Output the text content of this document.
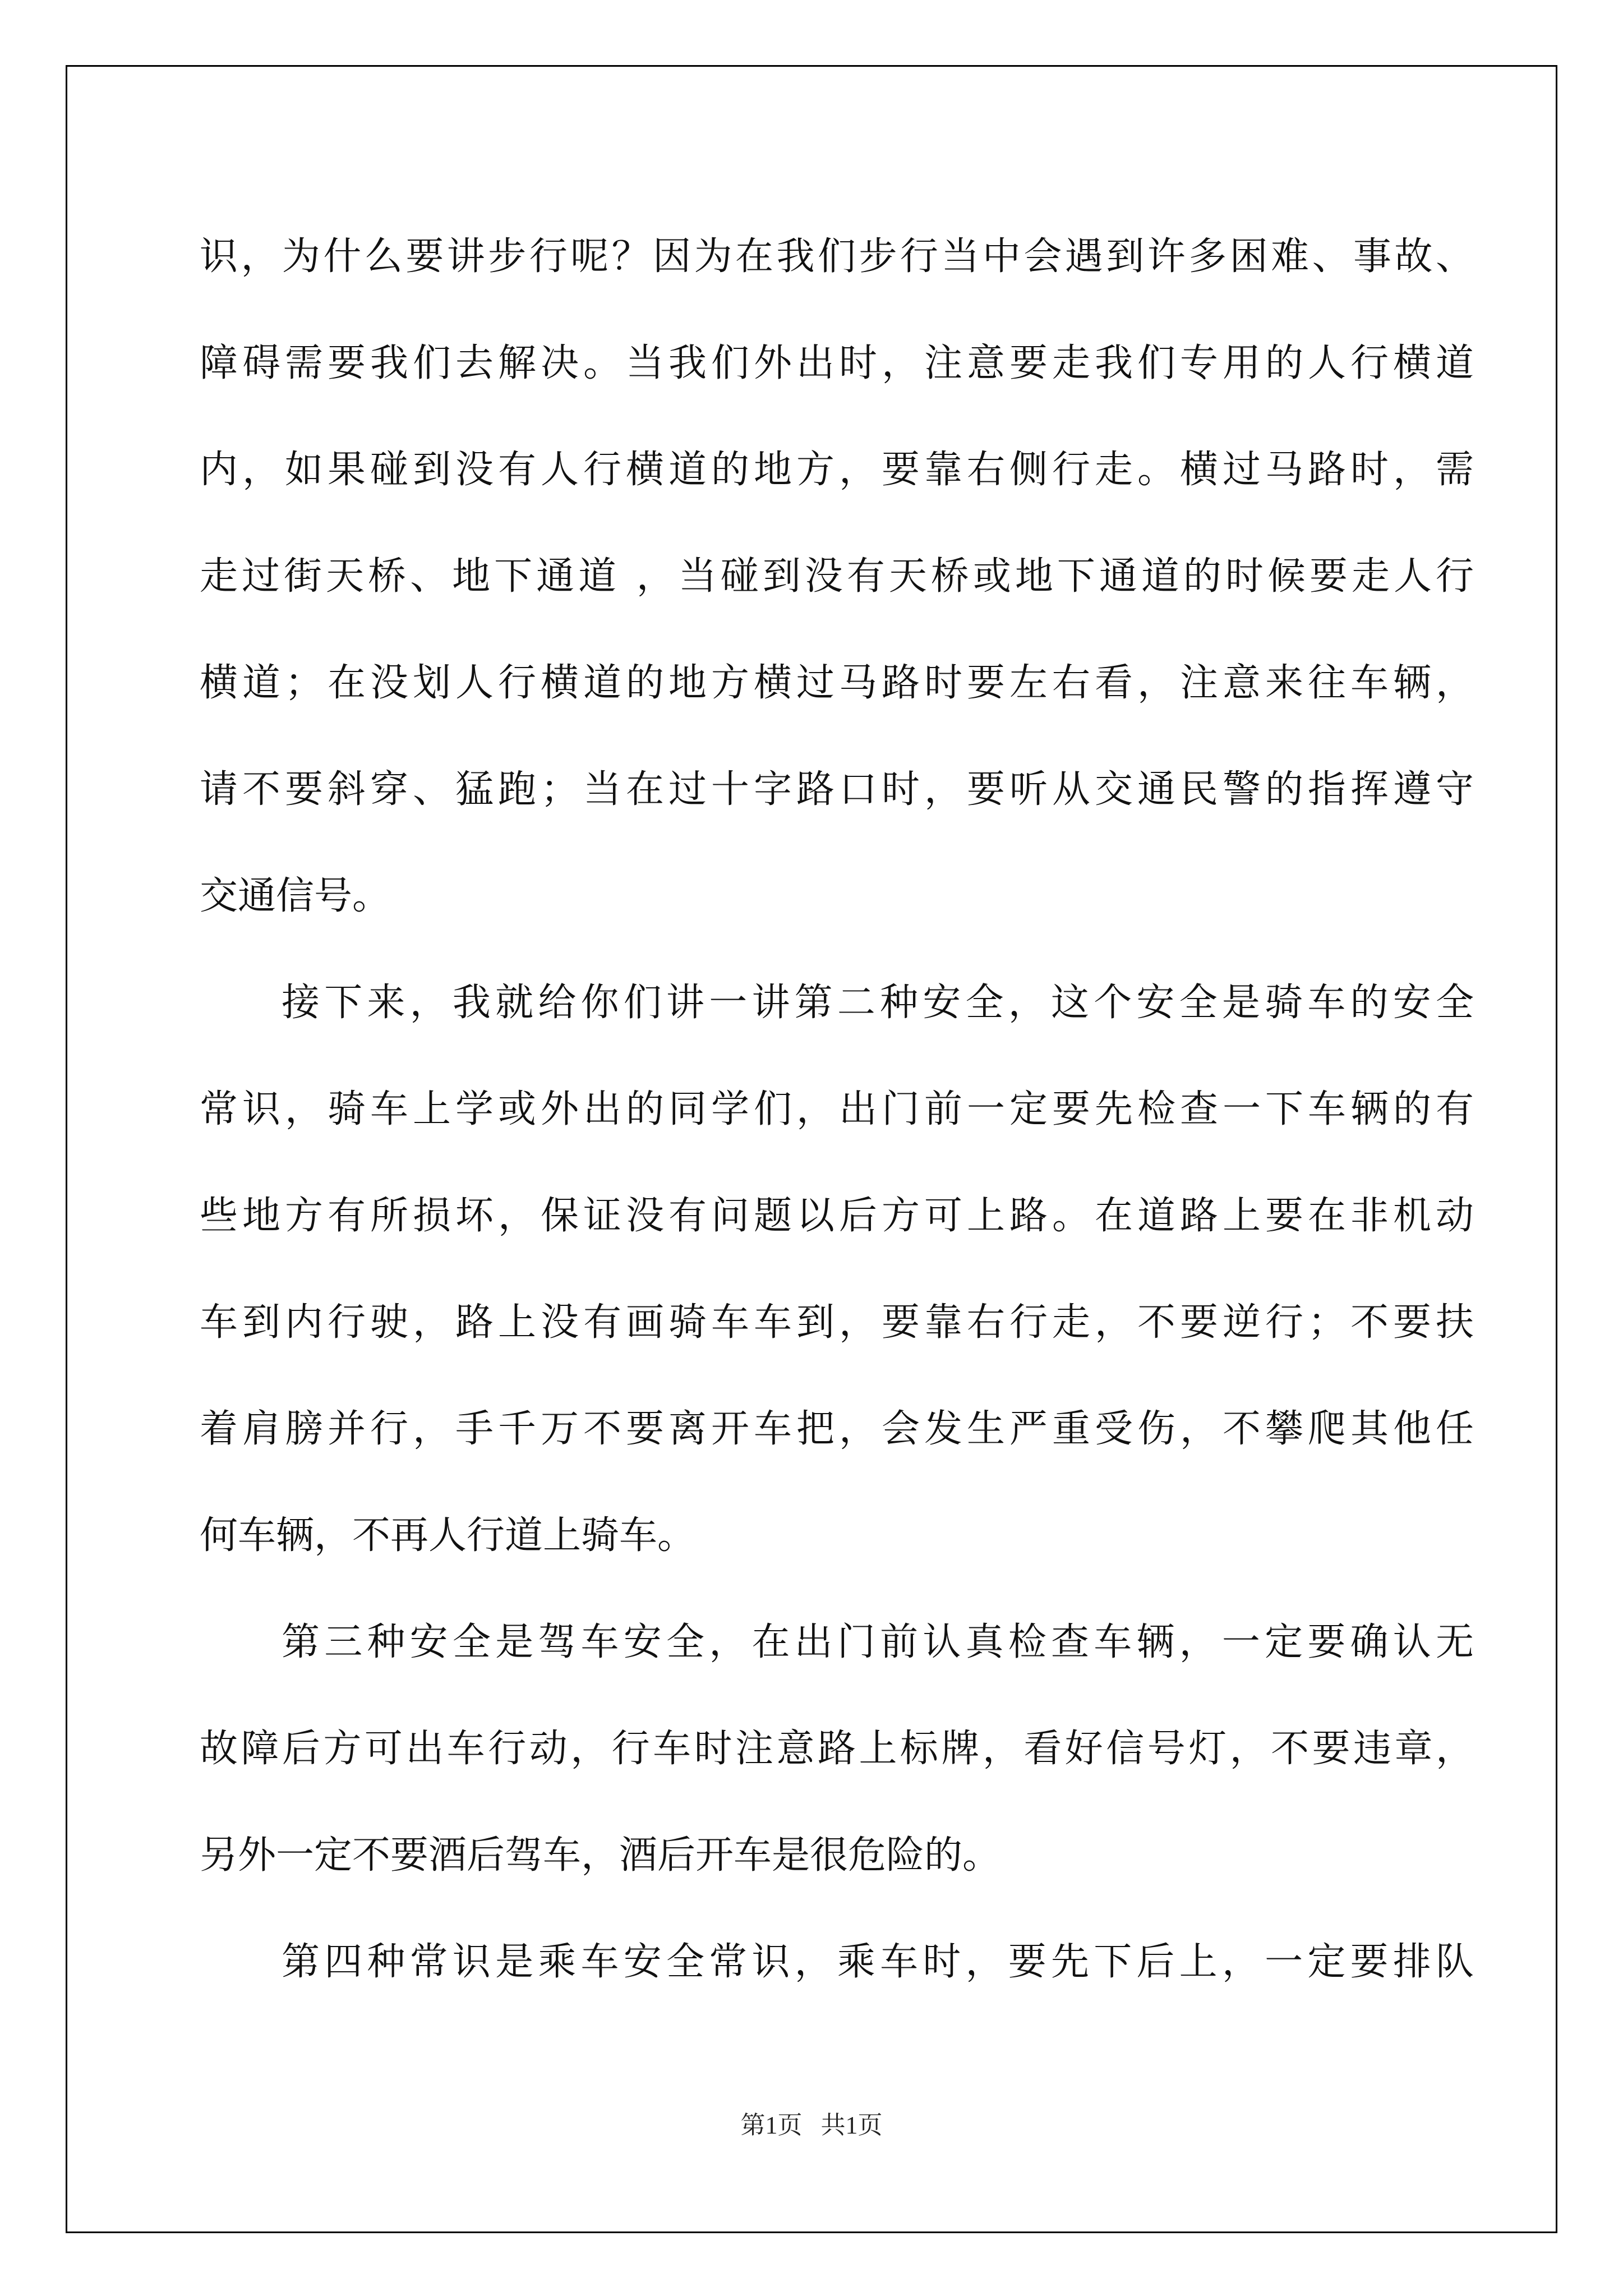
识，为什么要讲步行呢？因为在我们步行当中会遇到许多困难、事故、
障碍需要我们去解决。当我们外出时，注意要走我们专用的人行横道
内，如果碰到没有人行横道的地方，要靠右侧行走。横过马路时，需
走过街天桥、地下通道 ，当碰到没有天桥或地下通道的时候要走人行
横道；在没划人行横道的地方横过马路时要左右看，注意来往车辆，
请不要斜穿、猛跑；当在过十字路口时，要听从交通民警的指挥遵守
交通信号。
接下来，我就给你们讲一讲第二种安全，这个安全是骑车的安全
常识，骑车上学或外出的同学们，出门前一定要先检查一下车辆的有
些地方有所损坏，保证没有问题以后方可上路。在道路上要在非机动
车到内行驶，路上没有画骑车车到，要靠右行走，不要逆行；不要扶
着肩膀并行，手千万不要离开车把，会发生严重受伤，不攀爬其他任
何车辆，不再人行道上骑车。
第三种安全是驾车安全，在出门前认真检查车辆，一定要确认无
故障后方可出车行动，行车时注意路上标牌，看好信号灯，不要违章，
另外一定不要酒后驾车，酒后开车是很危险的。
第四种常识是乘车安全常识，乘车时，要先下后上，一定要排队
第1页   共1页
